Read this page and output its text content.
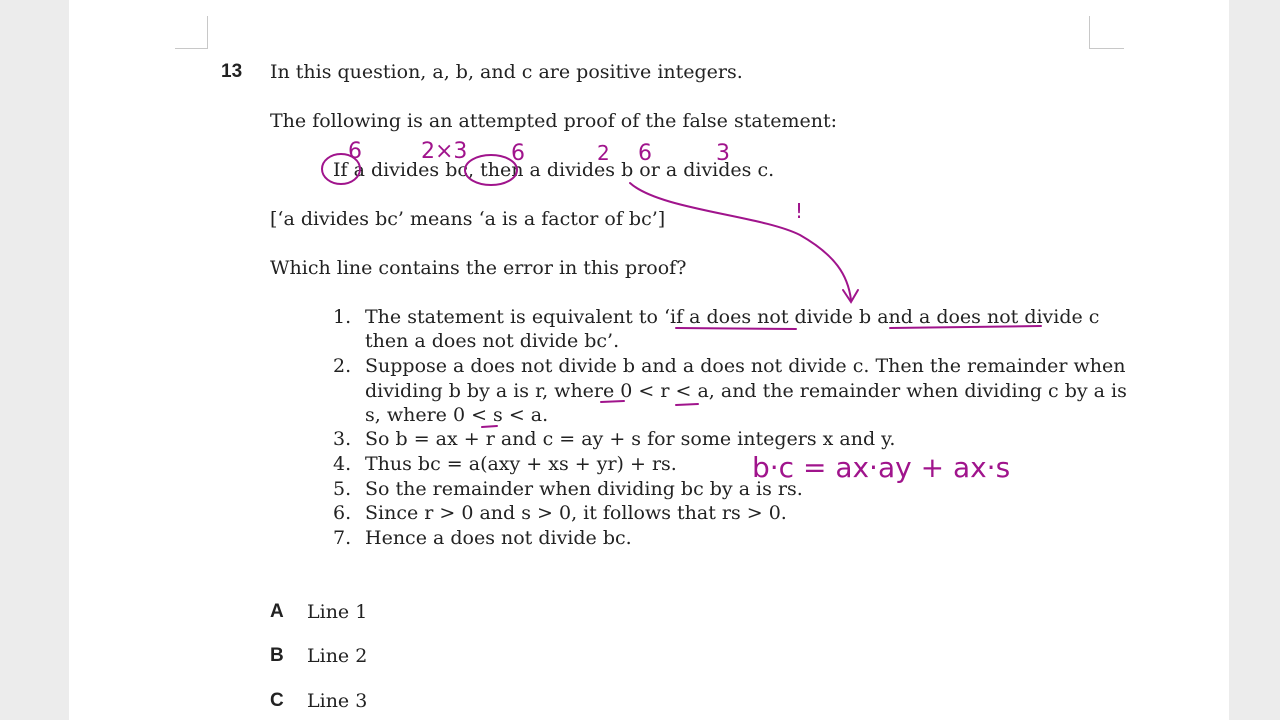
13 In this question, a, b, and c are positive integers.
The following is an attempted proof of the false statement:
If a divides bc, then a divides b or a divides c.
[‘a divides bc’ means ‘a is a factor of bc’]
Which line contains the error in this proof?
1. The statement is equivalent to ‘if a does not divide b and a does not divide c
then a does not divide bc’.
2. Suppose a does not divide b and a does not divide c. Then the remainder when
dividing b by a is r, where 0 < r < a, and the remainder when dividing c by a is
s, where 0 < s < a.
3. So b = ax + r and c = ay + s for some integers x and y.
4. Thus bc = a(axy + xs + yr) + rs.
5. So the remainder when dividing bc by a is rs.
6. Since r > 0 and s > 0, it follows that rs > 0.
7. Hence a does not divide bc.
A Line 1
B Line 2
C Line 3
6	2×3 6	2 6	3
!
b·c = ax·ay + ax·s
